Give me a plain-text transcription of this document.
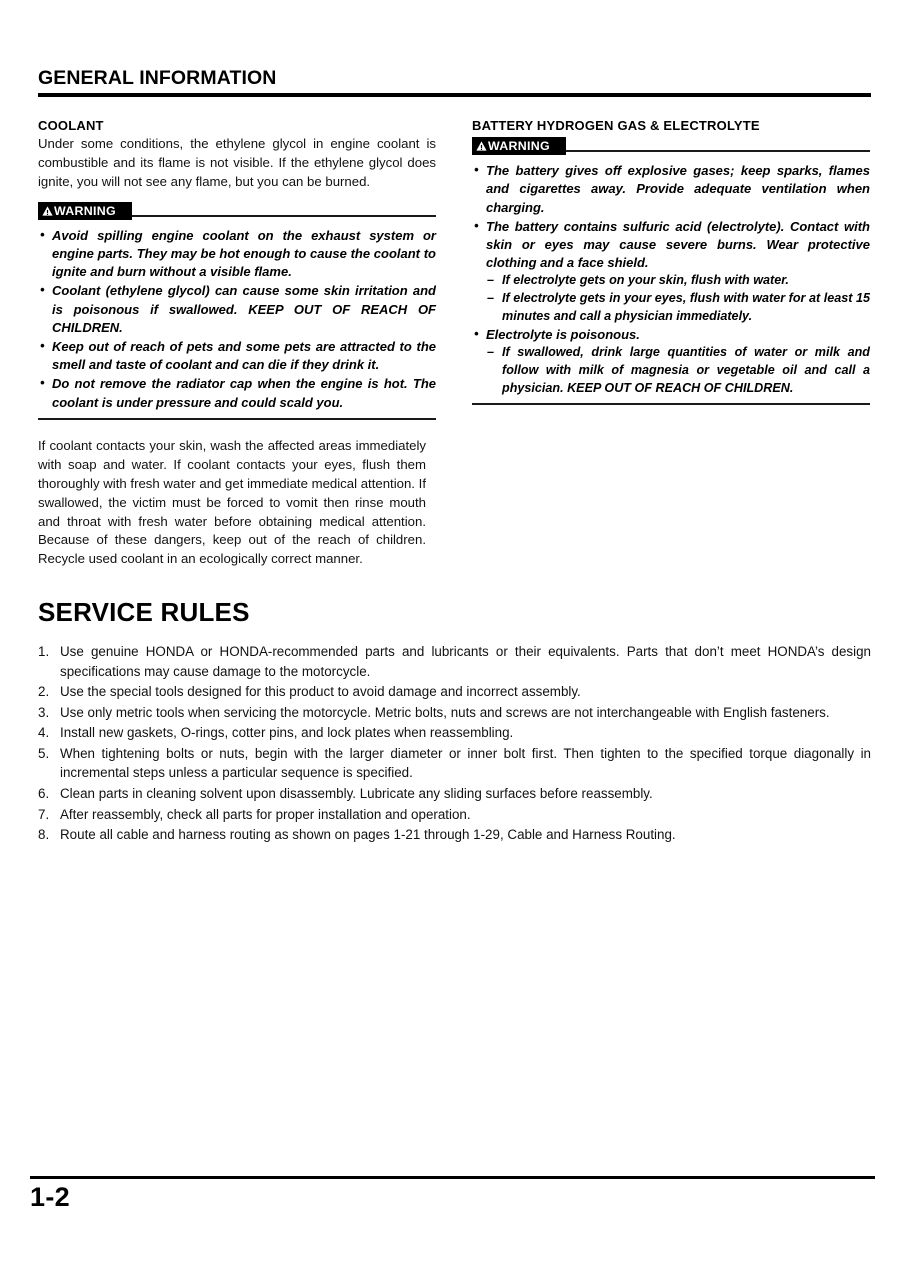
GENERAL INFORMATION
COOLANT

Under some conditions, the ethylene glycol in engine coolant is combustible and its flame is not visible. If the ethylene glycol does ignite, you will not see any flame, but you can be burned.

WARNING
• Avoid spilling engine coolant on the exhaust system or engine parts. They may be hot enough to cause the coolant to ignite and burn without a visible flame.
• Coolant (ethylene glycol) can cause some skin irritation and is poisonous if swallowed. KEEP OUT OF REACH OF CHILDREN.
• Keep out of reach of pets and some pets are attracted to the smell and taste of coolant and can die if they drink it.
• Do not remove the radiator cap when the engine is hot. The coolant is under pressure and could scald you.
BATTERY HYDROGEN GAS & ELECTROLYTE
WARNING
• The battery gives off explosive gases; keep sparks, flames and cigarettes away. Provide adequate ventilation when charging.
• The battery contains sulfuric acid (electrolyte). Contact with skin or eyes may cause severe burns. Wear protective clothing and a face shield.
– If electrolyte gets on your skin, flush with water.
– If electrolyte gets in your eyes, flush with water for at least 15 minutes and call a physician immediately.
• Electrolyte is poisonous.
– If swallowed, drink large quantities of water or milk and follow with milk of magnesia or vegetable oil and call a physician. KEEP OUT OF REACH OF CHILDREN.

If coolant contacts your skin, wash the affected areas immediately with soap and water. If coolant contacts your eyes, flush them thoroughly with fresh water and get immediate medical attention. If swallowed, the victim must be forced to vomit then rinse mouth and throat with fresh water before obtaining medical attention. Because of these dangers, keep out of the reach of children. Recycle used coolant in an ecologically correct manner.

SERVICE RULES
Use genuine HONDA or HONDA-recommended parts and lubricants or their equivalents. Parts that don’t meet HONDA’s design specifications may cause damage to the motorcycle.
Use the special tools designed for this product to avoid damage and incorrect assembly.
Use only metric tools when servicing the motorcycle. Metric bolts, nuts and screws are not interchangeable with English fasteners.
Install new gaskets, O-rings, cotter pins, and lock plates when reassembling.
When tightening bolts or nuts, begin with the larger diameter or inner bolt first. Then tighten to the specified torque diagonally in incremental steps unless a particular sequence is specified.
Clean parts in cleaning solvent upon disassembly. Lubricate any sliding surfaces before reassembly.
After reassembly, check all parts for proper installation and operation.
Route all cable and harness routing as shown on pages 1-21 through 1-29, Cable and Harness Routing.
1-2
